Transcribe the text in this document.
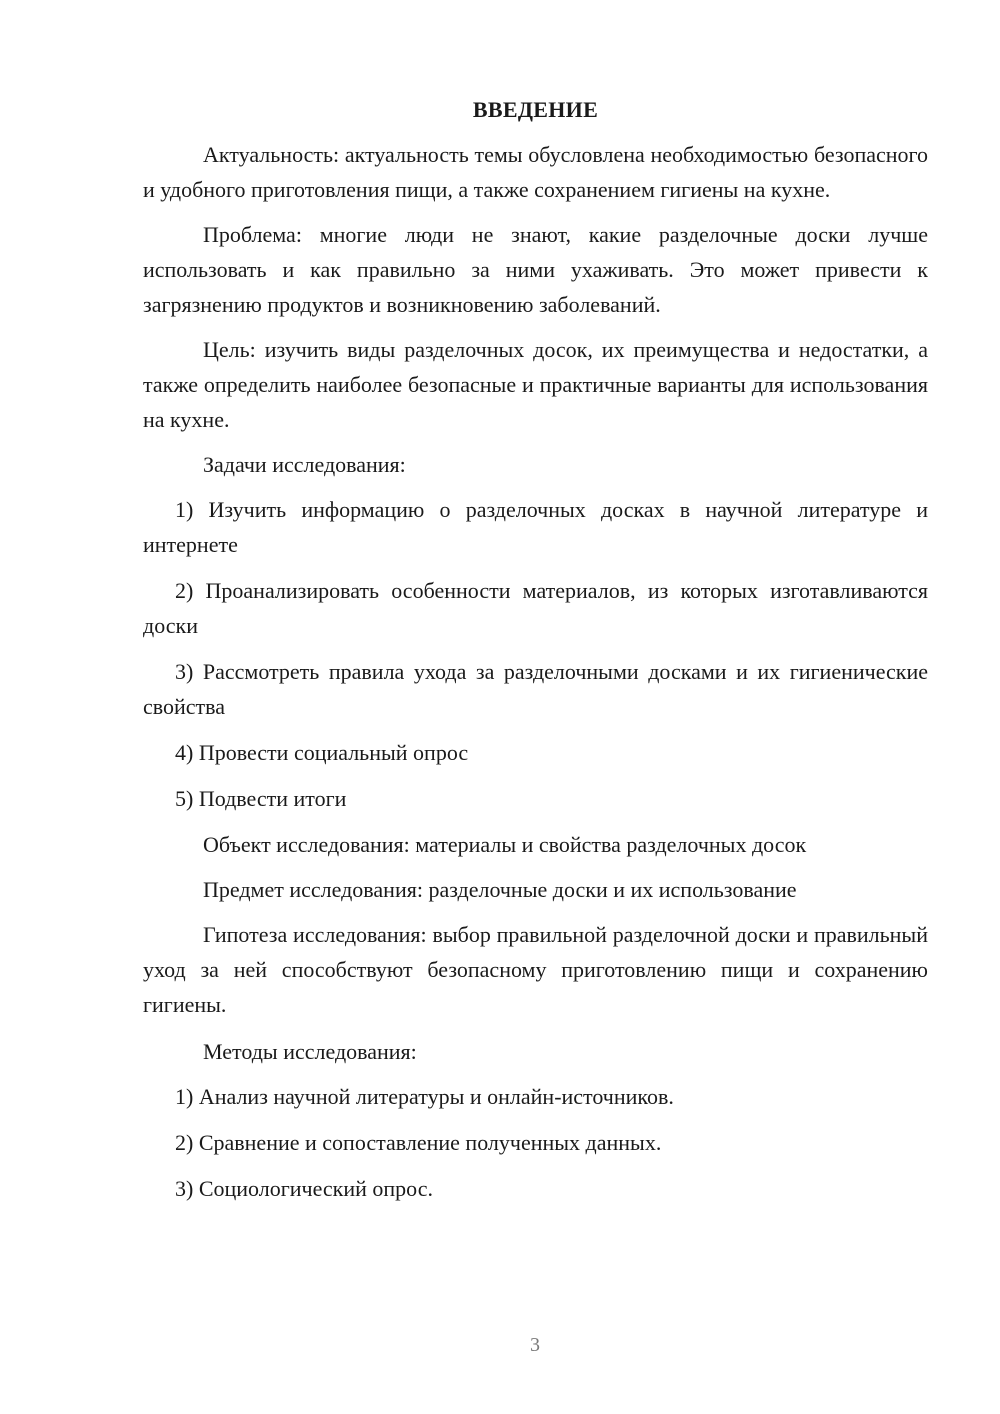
ВВЕДЕНИЕ

Актуальность: актуальность темы обусловлена необходимостью безопасного и удобного приготовления пищи, а также сохранением гигиены на кухне.

Проблема: многие люди не знают, какие разделочные доски лучше использовать и как правильно за ними ухаживать. Это может привести к загрязнению продуктов и возникновению заболеваний.

Цель: изучить виды разделочных досок, их преимущества и недостатки, а также определить наиболее безопасные и практичные варианты для использования на кухне.

Задачи исследования:

1) Изучить информацию о разделочных досках в научной литературе и интернете

2) Проанализировать особенности материалов, из которых изготавливаются доски

3) Рассмотреть правила ухода за разделочными досками и их гигиенические свойства

4) Провести социальный опрос

5) Подвести итоги

Объект исследования: материалы и свойства разделочных досок

Предмет исследования: разделочные доски и их использование

Гипотеза исследования: выбор правильной разделочной доски и правильный уход за ней способствуют безопасному приготовлению пищи и сохранению гигиены.

Методы исследования:

1) Анализ научной литературы и онлайн-источников.

2) Сравнение и сопоставление полученных данных.

3) Социологический опрос.

3
